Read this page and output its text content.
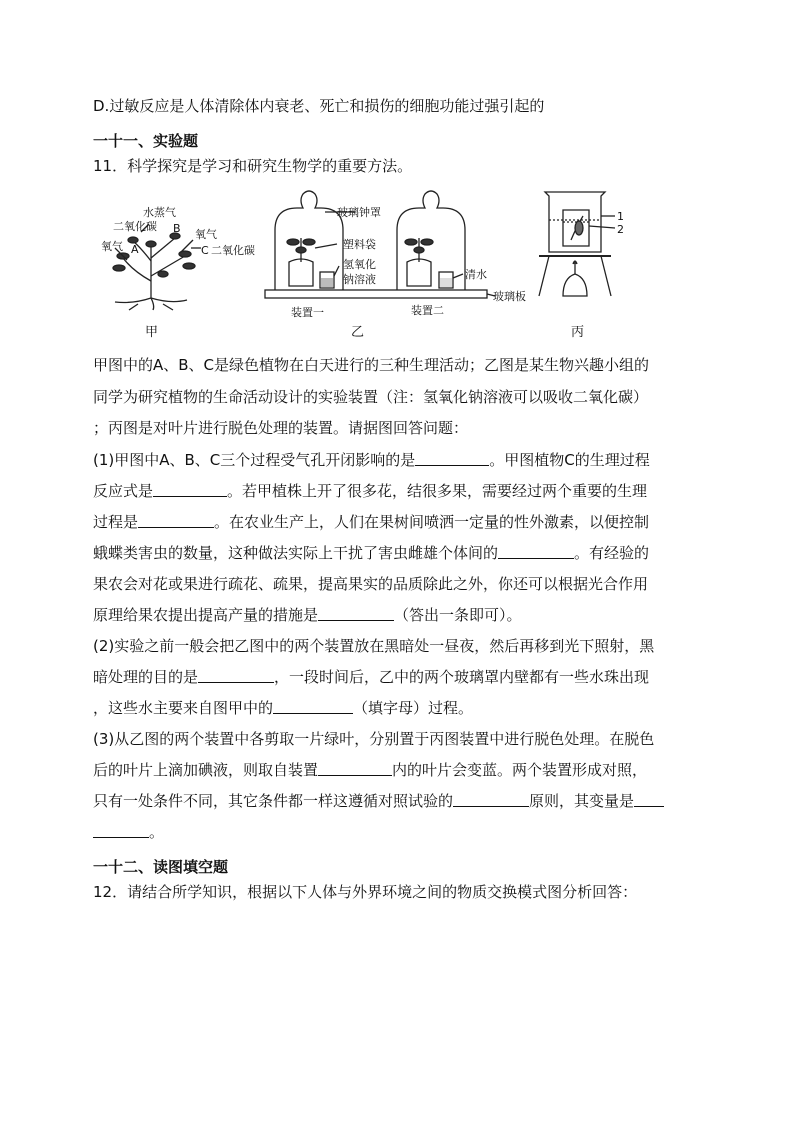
D.过敏反应是人体清除体内衰老、死亡和损伤的细胞功能过强引起的
一十一、实验题
11．科学探究是学习和研究生物学的重要方法。
水蒸气
二氧化碳 B
氧气 A
氧气
C 二氧化碳
甲
玻璃钟罩
塑料袋
氢氧化
钠溶液	清水
玻璃板
装置一	装置二
乙
1
2
丙
甲图中的A、B、C是绿色植物在白天进行的三种生理活动；乙图是某生物兴趣小组的
同学为研究植物的生命活动设计的实验装置（注：氢氧化钠溶液可以吸收二氧化碳）
；丙图是对叶片进行脱色处理的装置。请据图回答问题：
(1)甲图中A、B、C三个过程受气孔开闭影响的是	。甲图植物C的生理过程
反应式是	。若甲植株上开了很多花，结很多果，需要经过两个重要的生理
过程是	。在农业生产上，人们在果树间喷洒一定量的性外激素，以便控制
蛾蝶类害虫的数量，这种做法实际上干扰了害虫雌雄个体间的	。有经验的
果农会对花或果进行疏花、疏果，提高果实的品质除此之外，你还可以根据光合作用
原理给果农提出提高产量的措施是	（答出一条即可）。
(2)实验之前一般会把乙图中的两个装置放在黑暗处一昼夜，然后再移到光下照射，黑
暗处理的目的是	，一段时间后，乙中的两个玻璃罩内壁都有一些水珠出现
，这些水主要来自图甲中的	（填字母）过程。
(3)从乙图的两个装置中各剪取一片绿叶，分别置于丙图装置中进行脱色处理。在脱色
后的叶片上滴加碘液，则取自装置	内的叶片会变蓝。两个装置形成对照，
只有一处条件不同，其它条件都一样这遵循对照试验的	原则，其变量是
。
一十二、读图填空题
12．请结合所学知识，根据以下人体与外界环境之间的物质交换模式图分析回答：
